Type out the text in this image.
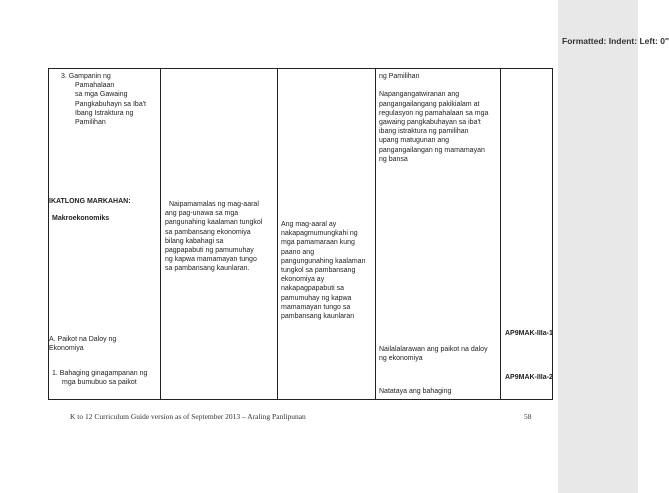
3. Gampanin ng
Pamahalaan
sa mga Gawaing
Pangkabuhayn sa Iba't
Ibang Istraktura ng
Pamilihan
IKATLONG MARKAHAN:
Makroekonomiks
A. Paikot na Daloy ng
Ekonomiya
1. Bahaging ginagampanan ng
mga bumubuo sa paikot
Naipamamalas ng mag-aaral
ang pag-unawa sa mga
pangunahing kaalaman tungkol
sa pambansang ekonomiya
bilang kabahagi sa
pagpapabuti ng pamumuhay
ng kapwa mamamayan tungo
sa pambansang kaunlaran.
Ang mag-aaral ay
nakapagmumungkahi ng
mga pamamaraan kung
paano ang
pangungunahing kaalaman
tungkol sa pambansang
ekonomiya ay
nakapagpapabuti sa
pamumuhay ng kapwa
mamamayan tungo sa
pambansang kaunlaran
ng Pamilihan
Napangangatwiranan ang
pangangailangang pakikialam at
regulasyon ng pamahalaan sa mga
gawaing pangkabuhayan sa iba't
ibang istraktura ng pamilihan
upang matugunan ang
pangangailangan ng mamamayan
ng bansa
Nailalalarawan ang paikot na daloy
ng ekonomiya
Natataya ang bahaging
AP9MAK-IIIa-1
AP9MAK-IIIa-2
K to 12 Curriculum Guide version as of September 2013 – Araling Panlipunan	58
Formatted: Indent: Left: 0"
